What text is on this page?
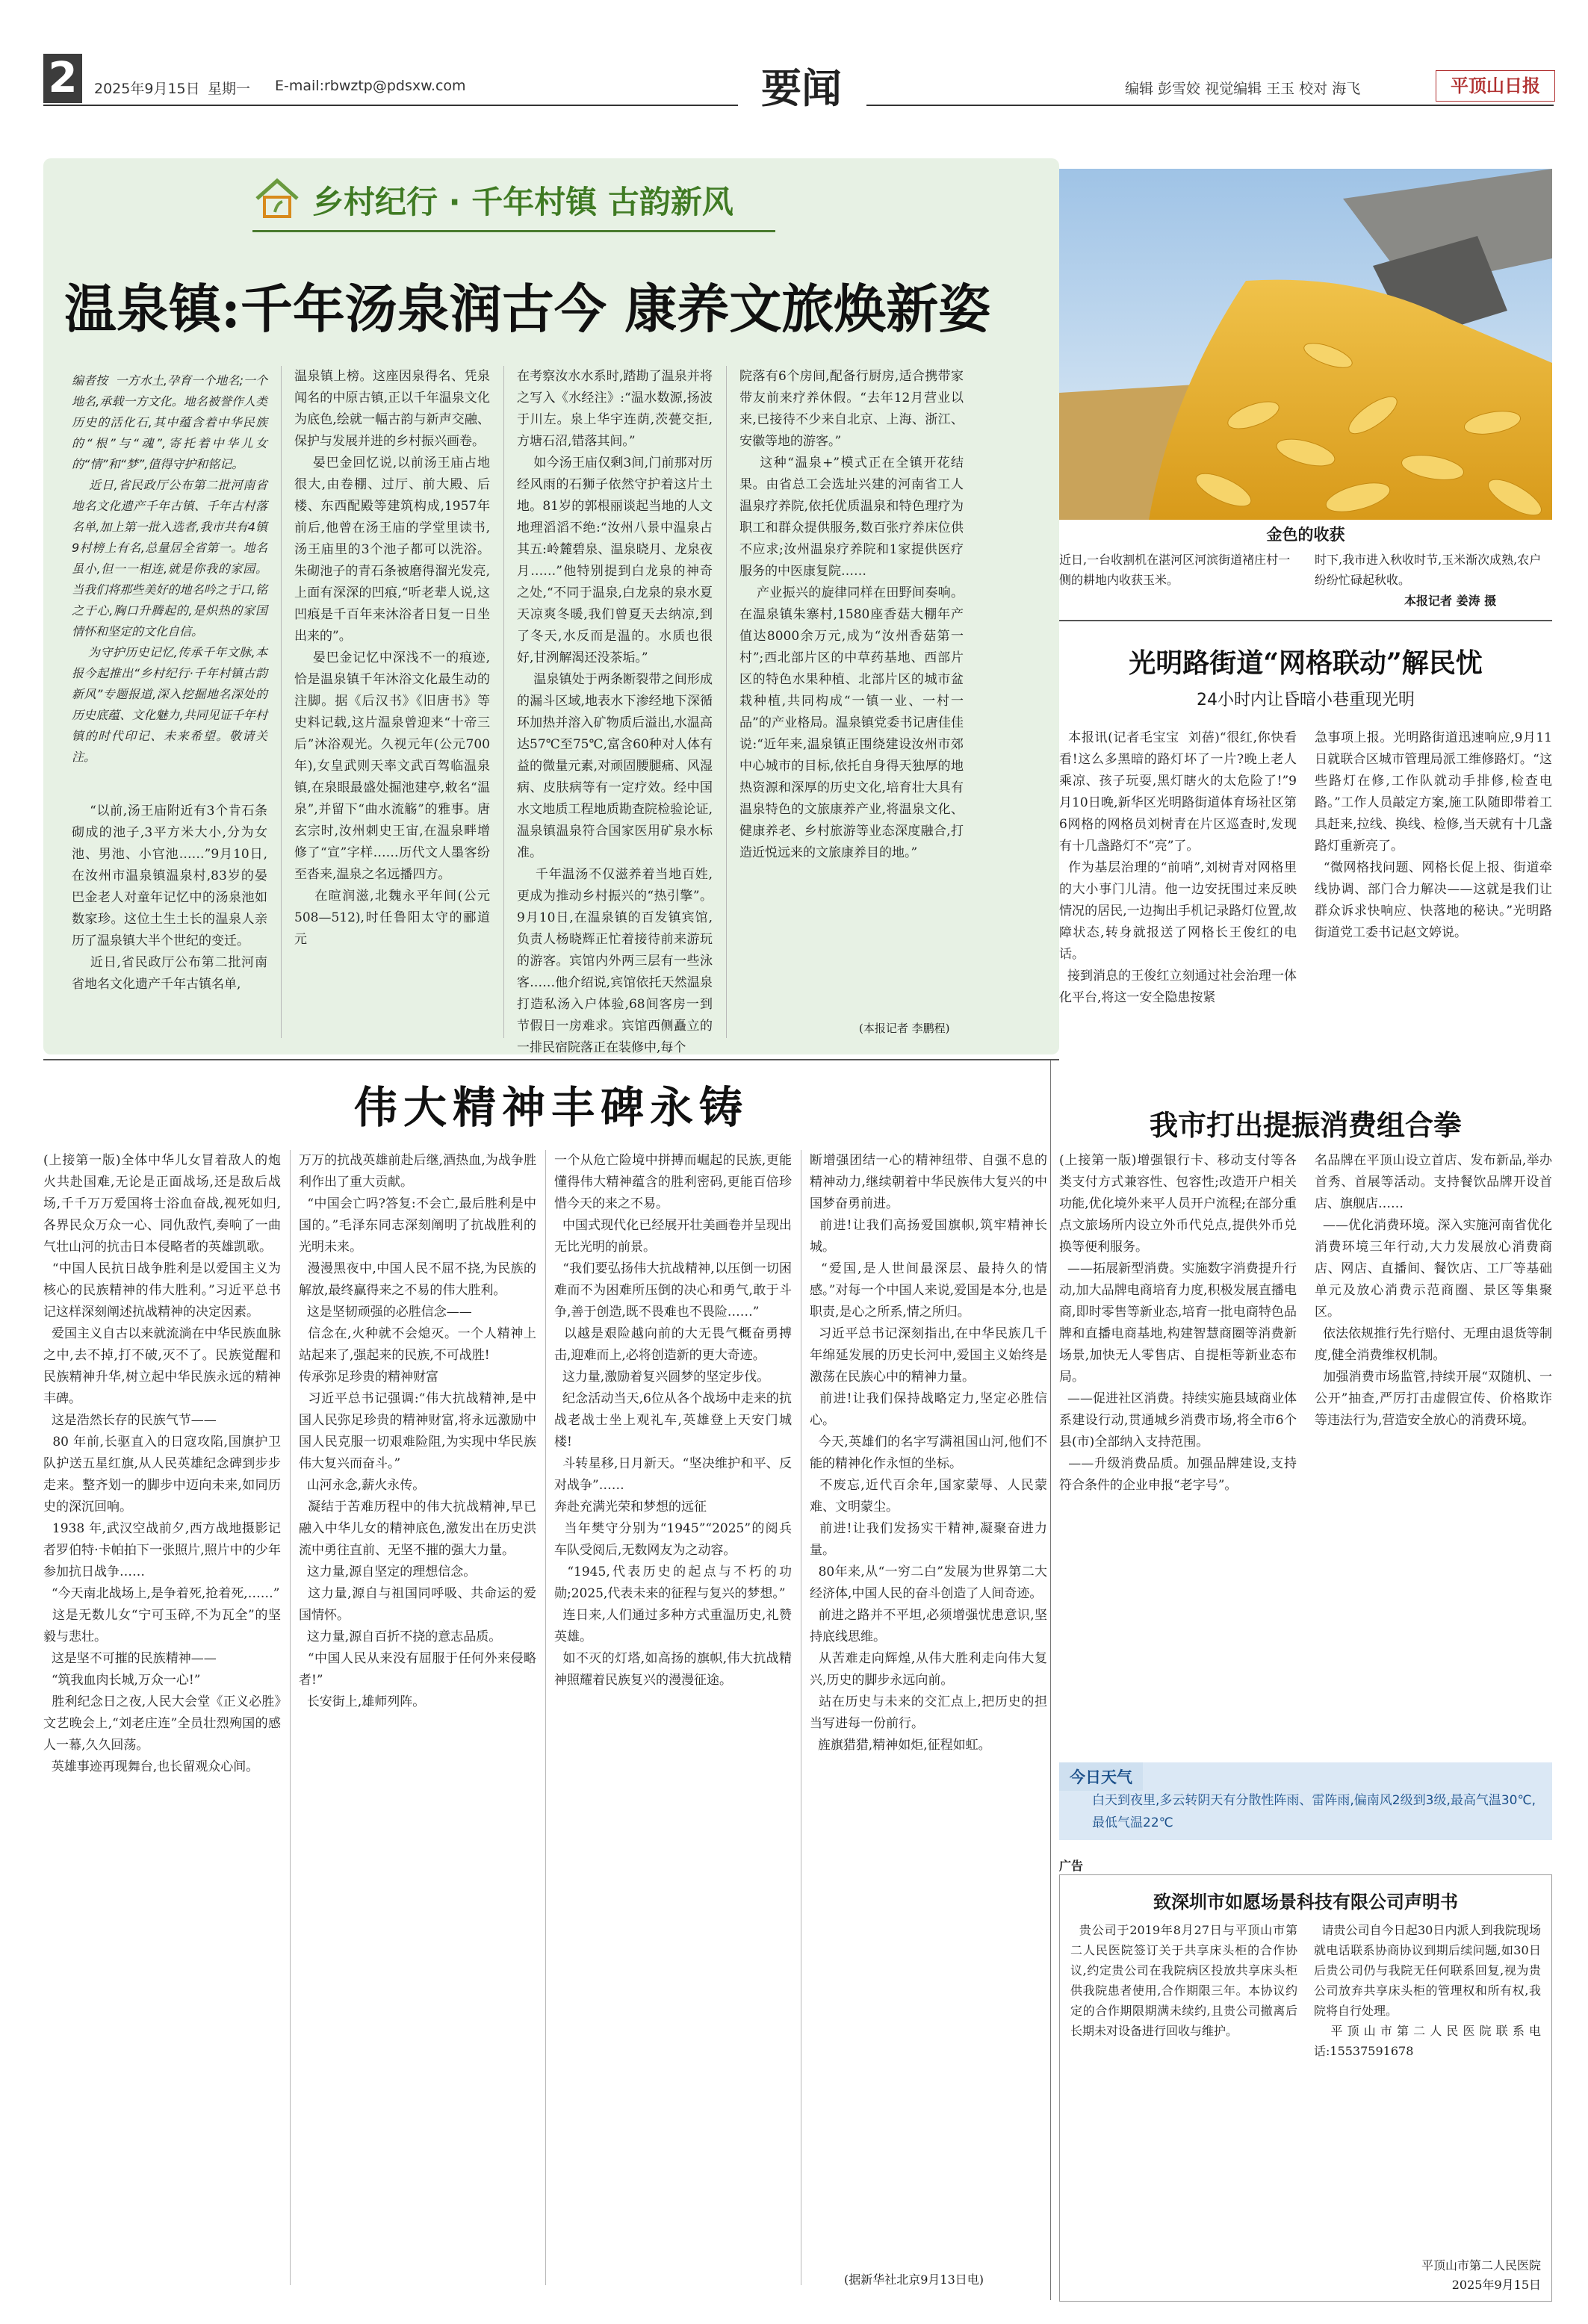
2	2025年9月15日 星期一 E-mail:rbwztp@pdsxw.com	要闻	编辑 彭雪姣 视觉编辑 王玉 校对 海飞	平顶山日报
乡村纪行 · 千年村镇 古韵新风
温泉镇:千年汤泉润古今 康养文旅焕新姿
编者按  一方水土,孕育一个地名;一个地名,承载一方文化。地名被誉作人类历史的活化石,其中蕴含着中华民族的“根”与“魂”,寄托着中华儿女的“情”和“梦”,值得守护和铭记。
近日,省民政厅公布第二批河南省地名文化遗产千年古镇、千年古村落名单,加上第一批入选者,我市共有4镇9村榜上有名,总量居全省第一。地名虽小,但一一相连,就是你我的家园。当我们将那些美好的地名吟之于口,铭之于心,胸口升腾起的,是炽热的家国情怀和坚定的文化自信。
为守护历史记忆,传承千年文脉,本报今起推出“乡村纪行·千年村镇古韵新风”专题报道,深入挖掘地名深处的历史底蕴、文化魅力,共同见证千年村镇的时代印记、未来希望。敬请关注。
“以前,汤王庙附近有3个肯石条砌成的池子,3平方米大小,分为女池、男池、小官池……”9月10日,在汝州市温泉镇温泉村,83岁的晏巴金老人对童年记忆中的汤泉池如数家珍。这位土生土长的温泉人亲历了温泉镇大半个世纪的变迁。
近日,省民政厅公布第二批河南省地名文化遗产千年古镇名单,
温泉镇上榜。这座因泉得名、凭泉闻名的中原古镇,正以千年温泉文化为底色,绘就一幅古韵与新声交融、保护与发展并进的乡村振兴画卷。
晏巴金回忆说,以前汤王庙占地很大,由卷棚、过厅、前大殿、后楼、东西配殿等建筑构成,1957年前后,他曾在汤王庙的学堂里读书,汤王庙里的3个池子都可以洗浴。朱砌池子的青石条被磨得溜光发亮,上面有深深的凹痕,“听老辈人说,这凹痕是千百年来沐浴者日复一日坐出来的”。
晏巴金记忆中深浅不一的痕迹,恰是温泉镇千年沐浴文化最生动的注脚。据《后汉书》《旧唐书》等史料记载,这片温泉曾迎来“十帝三后”沐浴观光。久视元年(公元700年),女皇武则天率文武百驾临温泉镇,在泉眼最盛处掘池建亭,敕名“温泉”,并留下“曲水流觞”的雅事。唐玄宗时,汝州刺史王宙,在温泉畔增修了“宣”字样……历代文人墨客纷至沓来,温泉之名远播四方。
在暄润滋,北魏永平年间(公元508—512),时任鲁阳太守的郦道元
在考察汝水水系时,踏勘了温泉并将之写入《水经注》:“温水数源,扬波于川左。泉上华宇连荫,茨甍交拒,方塘石沼,错落其间。”
如今汤王庙仅剩3间,门前那对历经风雨的石狮子依然守护着这片土地。81岁的郭根丽谈起当地的人文地理滔滔不绝:“汝州八景中温泉占其五:岭麓碧泉、温泉晓月、龙泉夜月……”他特别提到白龙泉的神奇之处,“不同于温泉,白龙泉的泉水夏天凉爽冬暖,我们曾夏天去纳凉,到了冬天,水反而是温的。水质也很好,甘洌解渴还没茶垢。”
温泉镇处于两条断裂带之间形成的漏斗区域,地表水下渗经地下深循环加热并溶入矿物质后溢出,水温高达57℃至75℃,富含60种对人体有益的微量元素,对顽固腰腿痛、风湿病、皮肤病等有一定疗效。经中国水文地质工程地质勘查院检验论证,温泉镇温泉符合国家医用矿泉水标准。
千年温汤不仅滋养着当地百姓,更成为推动乡村振兴的“热引擎”。9月10日,在温泉镇的百发镇宾馆,负责人杨晓辉正忙着接待前来游玩的游客。宾馆内外两三层有一些泳客……他介绍说,宾馆依托天然温泉打造私汤入户体验,68间客房一到节假日一房难求。宾馆西侧矗立的一排民宿院落正在装修中,每个
院落有6个房间,配备行厨房,适合携带家带友前来疗养休假。“去年12月营业以来,已接待不少来自北京、上海、浙江、安徽等地的游客。”
这种“温泉+”模式正在全镇开花结果。由省总工会选址兴建的河南省工人温泉疗养院,依托优质温泉和特色理疗为职工和群众提供服务,数百张疗养床位供不应求;汝州温泉疗养院和1家提供医疗服务的中医康复院……
产业振兴的旋律同样在田野间奏响。在温泉镇朱寨村,1580座香菇大棚年产值达8000余万元,成为“汝州香菇第一村”;西北部片区的中草药基地、西部片区的特色水果种植、北部片区的城市盆栽种植,共同构成“一镇一业、一村一品”的产业格局。温泉镇党委书记唐佳佳说:“近年来,温泉镇正围绕建设汝州市郊中心城市的目标,依托自身得天独厚的地热资源和深厚的历史文化,培育壮大具有温泉特色的文旅康养产业,将温泉文化、健康养老、乡村旅游等业态深度融合,打造近悦远来的文旅康养目的地。”
(本报记者 李鹏程)
金色的收获
近日,一台收割机在湛河区河滨街道褚庄村一侧的耕地内收获玉米。
时下,我市进入秋收时节,玉米渐次成熟,农户纷纷忙碌起秋收。
本报记者 姜涛 摄
光明路街道“网格联动”解民忧
24小时内让昏暗小巷重现光明
本报讯(记者毛宝宝  刘蓓)“很红,你快看看!这么多黑暗的路灯坏了一片?晚上老人乘凉、孩子玩耍,黑灯瞎火的太危险了!”9月10日晚,新华区光明路街道体育场社区第6网格的网格员刘树青在片区巡查时,发现有十几盏路灯不“亮”了。
作为基层治理的“前哨”,刘树青对网格里的大小事门儿清。他一边安抚围过来反映情况的居民,一边掏出手机记录路灯位置,故障状态,转身就报送了网格长王俊红的电话。
接到消息的王俊红立刻通过社会治理一体化平台,将这一安全隐患按紧
急事项上报。光明路街道迅速响应,9月11日就联合区城市管理局派工维修路灯。“这些路灯在修,工作队就动手排修,检查电路。”工作人员敲定方案,施工队随即带着工具赶来,拉线、换线、检修,当天就有十几盏路灯重新亮了。
“微网格找问题、网格长促上报、街道牵线协调、部门合力解决——这就是我们让群众诉求快响应、快落地的秘诀。”光明路街道党工委书记赵文婷说。
伟大精神丰碑永铸
(上接第一版)全体中华儿女冒着敌人的炮火共赴国难,无论是正面战场,还是敌后战场,千千万万爱国将士浴血奋战,视死如归,各界民众万众一心、同仇敌忾,奏响了一曲气壮山河的抗击日本侵略者的英雄凯歌。
“中国人民抗日战争胜利是以爱国主义为核心的民族精神的伟大胜利。”习近平总书记这样深刻阐述抗战精神的决定因素。
爱国主义自古以来就流淌在中华民族血脉之中,去不掉,打不破,灭不了。民族觉醒和民族精神升华,树立起中华民族永远的精神丰碑。
这是浩然长存的民族气节——
80 年前,长驱直入的日寇攻陷,国旗护卫队护送五星红旗,从人民英雄纪念碑到步步走来。整齐划一的脚步中迈向未来,如同历史的深沉回响。
1938 年,武汉空战前夕,西方战地摄影记者罗伯特·卡帕拍下一张照片,照片中的少年参加抗日战争……
“今天南北战场上,是争着死,抢着死,……”
这是无数儿女“宁可玉碎,不为瓦全”的坚毅与悲壮。
这是坚不可摧的民族精神——
“筑我血肉长城,万众一心!”
胜利纪念日之夜,人民大会堂《正义必胜》文艺晚会上,“刘老庄连”全员壮烈殉国的感人一幕,久久回荡。
英雄事迹再现舞台,也长留观众心间。
万万的抗战英雄前赴后继,酒热血,为战争胜利作出了重大贡献。
“中国会亡吗?答复:不会亡,最后胜利是中国的。”毛泽东同志深刻阐明了抗战胜利的光明未来。
漫漫黑夜中,中国人民不屈不挠,为民族的解放,最终赢得来之不易的伟大胜利。
这是坚韧顽强的必胜信念——
信念在,火种就不会熄灭。一个人精神上站起来了,强起来的民族,不可战胜!
传承弥足珍贵的精神财富
习近平总书记强调:“伟大抗战精神,是中国人民弥足珍贵的精神财富,将永远激励中国人民克服一切艰难险阻,为实现中华民族伟大复兴而奋斗。”
山河永念,薪火永传。
凝结于苦难历程中的伟大抗战精神,早已融入中华儿女的精神底色,激发出在历史洪流中勇往直前、无坚不摧的强大力量。
这力量,源自坚定的理想信念。
这力量,源自与祖国同呼吸、共命运的爱国情怀。
这力量,源自百折不挠的意志品质。
“中国人民从来没有屈服于任何外来侵略者!”
长安街上,雄师列阵。
一个从危亡险境中拼搏而崛起的民族,更能懂得伟大精神蕴含的胜利密码,更能百倍珍惜今天的来之不易。
中国式现代化已经展开壮美画卷并呈现出无比光明的前景。
“我们要弘扬伟大抗战精神,以压倒一切困难而不为困难所压倒的决心和勇气,敢于斗争,善于创造,既不畏难也不畏险……”
以越是艰险越向前的大无畏气概奋勇搏击,迎难而上,必将创造新的更大奇迹。
这力量,激励着复兴圆梦的坚定步伐。
纪念活动当天,6位从各个战场中走来的抗战老战士坐上观礼车,英雄登上天安门城楼!
斗转星移,日月新天。“坚决维护和平、反对战争”……
奔赴充满光荣和梦想的远征
当年樊守分别为“1945”“2025”的阅兵车队受阅后,无数网友为之动容。
“1945,代表历史的起点与不朽的功勋;2025,代表未来的征程与复兴的梦想。”
连日来,人们通过多种方式重温历史,礼赞英雄。
如不灭的灯塔,如高扬的旗帜,伟大抗战精神照耀着民族复兴的漫漫征途。
断增强团结一心的精神纽带、自强不息的精神动力,继续朝着中华民族伟大复兴的中国梦奋勇前进。
前进!让我们高扬爱国旗帜,筑牢精神长城。
“爱国,是人世间最深层、最持久的情感。”对每一个中国人来说,爱国是本分,也是职责,是心之所系,情之所归。
习近平总书记深刻指出,在中华民族几千年绵延发展的历史长河中,爱国主义始终是激荡在民族心中的精神力量。
前进!让我们保持战略定力,坚定必胜信心。
今天,英雄们的名字写满祖国山河,他们不能的精神化作永恒的坐标。
不废忘,近代百余年,国家蒙辱、人民蒙难、文明蒙尘。
前进!让我们发扬实干精神,凝聚奋进力量。
80年来,从“一穷二白”发展为世界第二大经济体,中国人民的奋斗创造了人间奇迹。
前进之路并不平坦,必须增强忧患意识,坚持底线思维。
从苦难走向辉煌,从伟大胜利走向伟大复兴,历史的脚步永远向前。
站在历史与未来的交汇点上,把历史的担当写进每一份前行。
旌旗猎猎,精神如炬,征程如虹。
(据新华社北京9月13日电)
我市打出提振消费组合拳
(上接第一版)增强银行卡、移动支付等各类支付方式兼容性、包容性;改造开户相关功能,优化境外来平人员开户流程;在部分重点文旅场所内设立外币代兑点,提供外币兑换等便利服务。
——拓展新型消费。实施数字消费提升行动,加大品牌电商培育力度,积极发展直播电商,即时零售等新业态,培育一批电商特色品牌和直播电商基地,构建智慧商圈等消费新场景,加快无人零售店、自提柜等新业态布局。
——促进社区消费。持续实施县域商业体系建设行动,贯通城乡消费市场,将全市6个县(市)全部纳入支持范围。
——升级消费品质。加强品牌建设,支持符合条件的企业申报“老字号”。
名品牌在平顶山设立首店、发布新品,举办首秀、首展等活动。支持餐饮品牌开设首店、旗舰店……
——优化消费环境。深入实施河南省优化消费环境三年行动,大力发展放心消费商店、网店、直播间、餐饮店、工厂等基础单元及放心消费示范商圈、景区等集聚区。
依法依规推行先行赔付、无理由退货等制度,健全消费维权机制。
加强消费市场监管,持续开展“双随机、一公开”抽查,严厉打击虚假宣传、价格欺诈等违法行为,营造安全放心的消费环境。
今日天气
白天到夜里,多云转阴天有分散性阵雨、雷阵雨,偏南风2级到3级,最高气温30℃,最低气温22℃
广告
致深圳市如愿场景科技有限公司声明书
贵公司于2019年8月27日与平顶山市第二人民医院签订关于共享床头柜的合作协议,约定贵公司在我院病区投放共享床头柜供我院患者使用,合作期限三年。本协议约定的合作期限期满未续约,且贵公司撤离后长期未对设备进行回收与维护。
请贵公司自今日起30日内派人到我院现场就电话联系协商协议到期后续问题,如30日后贵公司仍与我院无任何联系回复,视为贵公司放弃共享床头柜的管理权和所有权,我院将自行处理。
平顶山市第二人民医院联系电话:15537591678
平顶山市第二人民医院
2025年9月15日
